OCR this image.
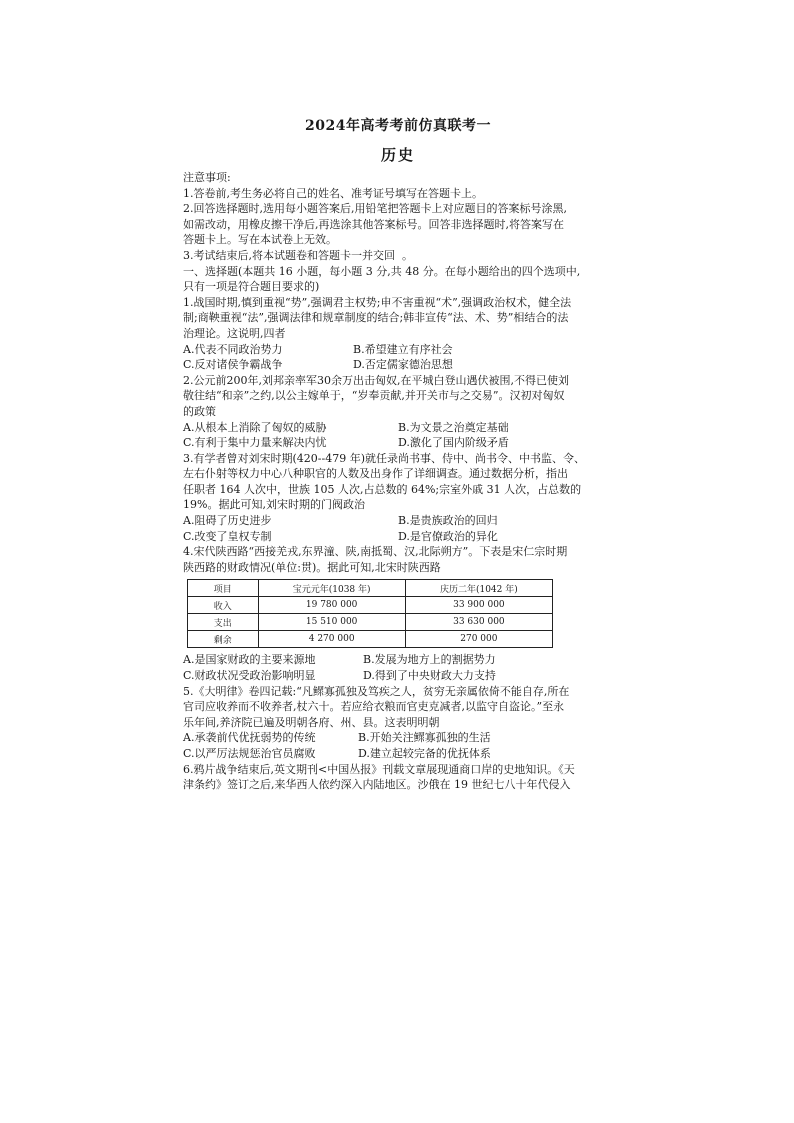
2024年高考考前仿真联考一
历史

注意事项:

1.答卷前,考生务必将自己的姓名、准考证号填写在答题卡上。

2.回答选择题时,选用每小题答案后,用铅笔把答题卡上对应题目的答案标号涂黑,

如需改动，用橡皮擦干净后,再选涂其他答案标号。回答非选择题时,将答案写在

答题卡上。写在本试卷上无效。

3.考试结束后,将本试题卷和答题卡一并交回  。

一、选择题(本题共 16 小题，每小题 3 分,共 48 分。在每小题给出的四个选项中,

只有一项是符合题目要求的)

1.战国时期,慎到重视“势”,强调君主权势;申不害重视“术”,强调政治权术，健全法

制;商鞅重视“法”,强调法律和规章制度的结合;韩非宣传“法、术、势”相结合的法

治理论。这说明,四者

A.代表不同政治势力	B.希望建立有序社会
C.反对诸侯争霸战争	D.否定儒家德治思想

2.公元前200年,刘邦亲率军30余万出击匈奴,在平城白登山遇伏被围,不得已使刘

敬往结“和亲”之约,以公主嫁单于，“岁奉贡献,并开关市与之交易”。汉初对匈奴

的政策

A.从根本上消除了匈奴的威胁	B.为文景之治奠定基础
C.有利于集中力量来解决内忧	D.激化了国内阶级矛盾

3.有学者曾对刘宋时期(420--479 年)就任录尚书事、侍中、尚书令、中书监、令、

左右仆射等权力中心八种职官的人数及出身作了详细调查。通过数据分析，指出

任职者 164 人次中，世族 105 人次,占总数的 64%;宗室外戚 31 人次，占总数的

19%。据此可知,刘宋时期的门阀政治

A.阻碍了历史进步	B.是贵族政治的回归
C.改变了皇权专制	D.是官僚政治的异化

4.宋代陕西路“西接羌戎,东界潼、陕,南抵蜀、汉,北际朔方”。下表是宋仁宗时期

陕西路的财政情况(单位:贯)。据此可知,北宋时陕西路

项目	宝元元年(1038 年)	庆历二年(1042 年)
收入	19 780 000	33 900 000
支出	15 510 000	33 630 000
剩余	4 270 000	270 000
A.是国家财政的主要来源地	B.发展为地方上的割据势力
C.财政状况受政治影响明显	D.得到了中央财政大力支持

5.《大明律》卷四记载:“凡鳏寡孤独及笃疾之人，贫穷无亲属依倚不能自存,所在

官司应收养而不收养者,杖六十。若应给衣粮而官吏克减者,以监守自盗论。”至永

乐年间,养济院已遍及明朝各府、州、县。这表明明朝

A.承袭前代优抚弱势的传统	B.开始关注鳏寡孤独的生活
C.以严厉法规惩治官员腐败	D.建立起较完备的优抚体系

6.鸦片战争结束后,英文期刊<中国丛报》刊载文章展现通商口岸的史地知识。《天

津条约》签订之后,来华西人依约深入内陆地区。沙俄在 19 世纪七八十年代侵入
